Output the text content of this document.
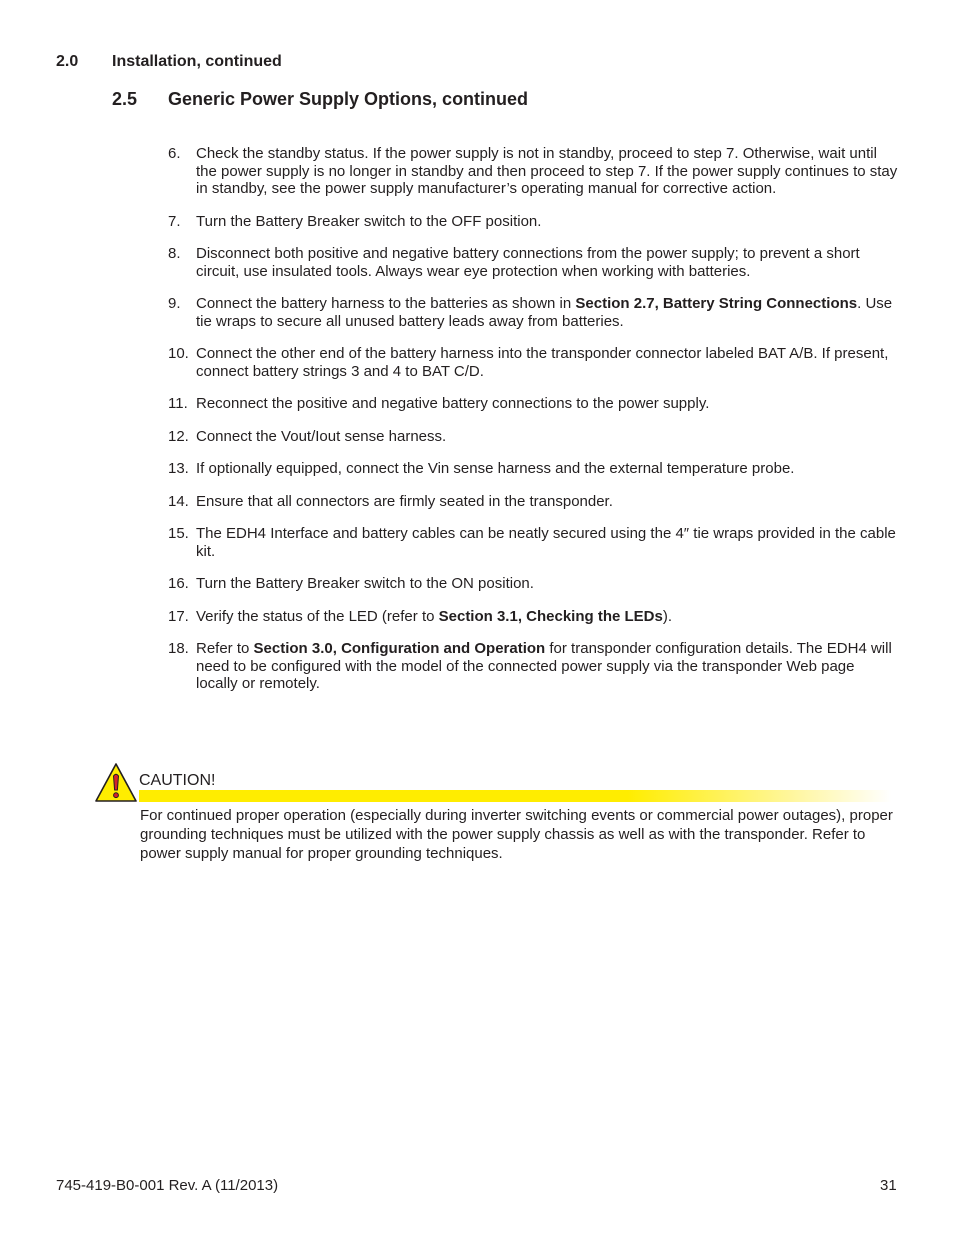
2.0 Installation, continued
2.5 Generic Power Supply Options, continued
6. Check the standby status. If the power supply is not in standby, proceed to step 7. Otherwise, wait until the power supply is no longer in standby and then proceed to step 7. If the power supply continues to stay in standby, see the power supply manufacturer’s operating manual for corrective action.
7. Turn the Battery Breaker switch to the OFF position.
8. Disconnect both positive and negative battery connections from the power supply; to prevent a short circuit, use insulated tools. Always wear eye protection when working with batteries.
9. Connect the battery harness to the batteries as shown in Section 2.7, Battery String Connections. Use tie wraps to secure all unused battery leads away from batteries.
10. Connect the other end of the battery harness into the transponder connector labeled BAT A/B. If present, connect battery strings 3 and 4 to BAT C/D.
11. Reconnect the positive and negative battery connections to the power supply.
12. Connect the Vout/Iout sense harness.
13. If optionally equipped, connect the Vin sense harness and the external temperature probe.
14. Ensure that all connectors are firmly seated in the transponder.
15. The EDH4 Interface and battery cables can be neatly secured using the 4″ tie wraps provided in the cable kit.
16. Turn the Battery Breaker switch to the ON position.
17. Verify the status of the LED (refer to Section 3.1, Checking the LEDs).
18. Refer to Section 3.0, Configuration and Operation for transponder configuration details. The EDH4 will need to be configured with the model of the connected power supply via the transponder Web page locally or remotely.
CAUTION!
For continued proper operation (especially during inverter switching events or commercial power outages), proper grounding techniques must be utilized with the power supply chassis as well as with the transponder. Refer to power supply manual for proper grounding techniques.
745-419-B0-001 Rev. A (11/2013)	31
